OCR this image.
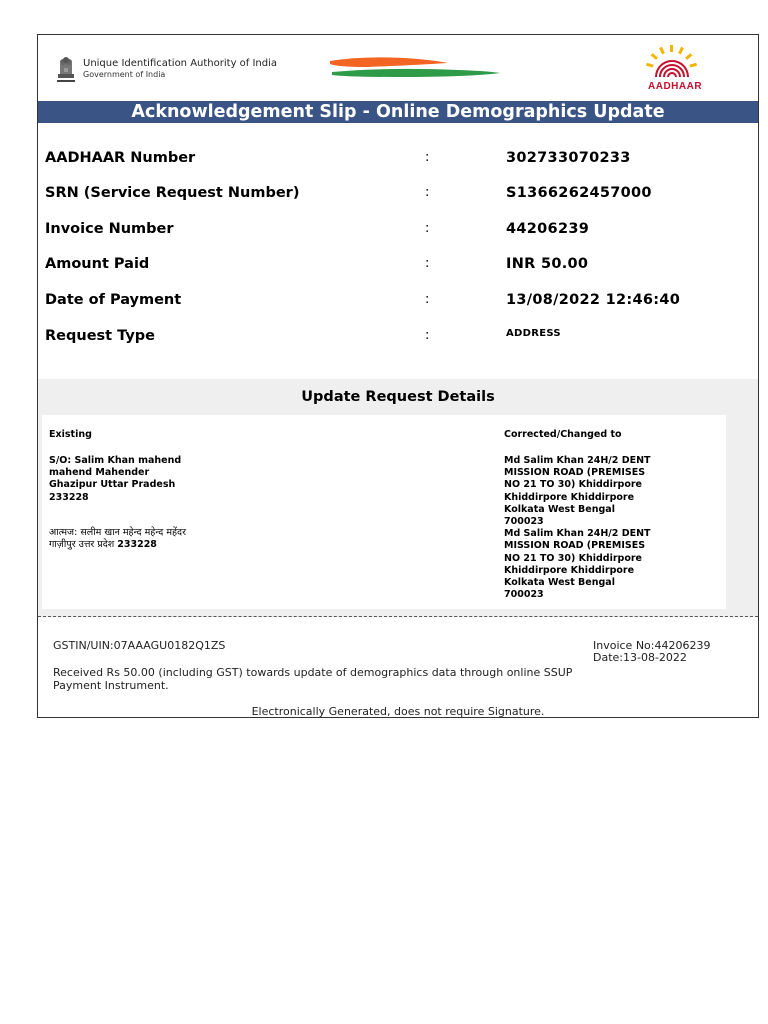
Unique Identification Authority of India
Government of India
AADHAAR
Acknowledgement Slip - Online Demographics Update
AADHAAR Number	:	302733070233
SRN (Service Request Number)	:	S1366262457000
Invoice Number	:	44206239
Amount Paid	:	INR 50.00
Date of Payment	:	13/08/2022 12:46:40
Request Type	:	ADDRESS
Update Request Details
Existing
S/O: Salim Khan mahend
mahend Mahender
Ghazipur Uttar Pradesh
233228
आत्मज: सलीम खान महेन्द महेन्द महेंदर
गाज़ीपुर उत्तर प्रदेश 233228
Corrected/Changed to
Md Salim Khan 24H/2 DENT
MISSION ROAD (PREMISES
NO 21 TO 30) Khiddirpore
Khiddirpore Khiddirpore
Kolkata West Bengal
700023
Md Salim Khan 24H/2 DENT
MISSION ROAD (PREMISES
NO 21 TO 30) Khiddirpore
Khiddirpore Khiddirpore
Kolkata West Bengal
700023
GSTIN/UIN:07AAAGU0182Q1ZS	Invoice No:44206239
Date:13-08-2022
Received Rs 50.00 (including GST) towards update of demographics data through online SSUP Payment Instrument.
Electronically Generated, does not require Signature.
